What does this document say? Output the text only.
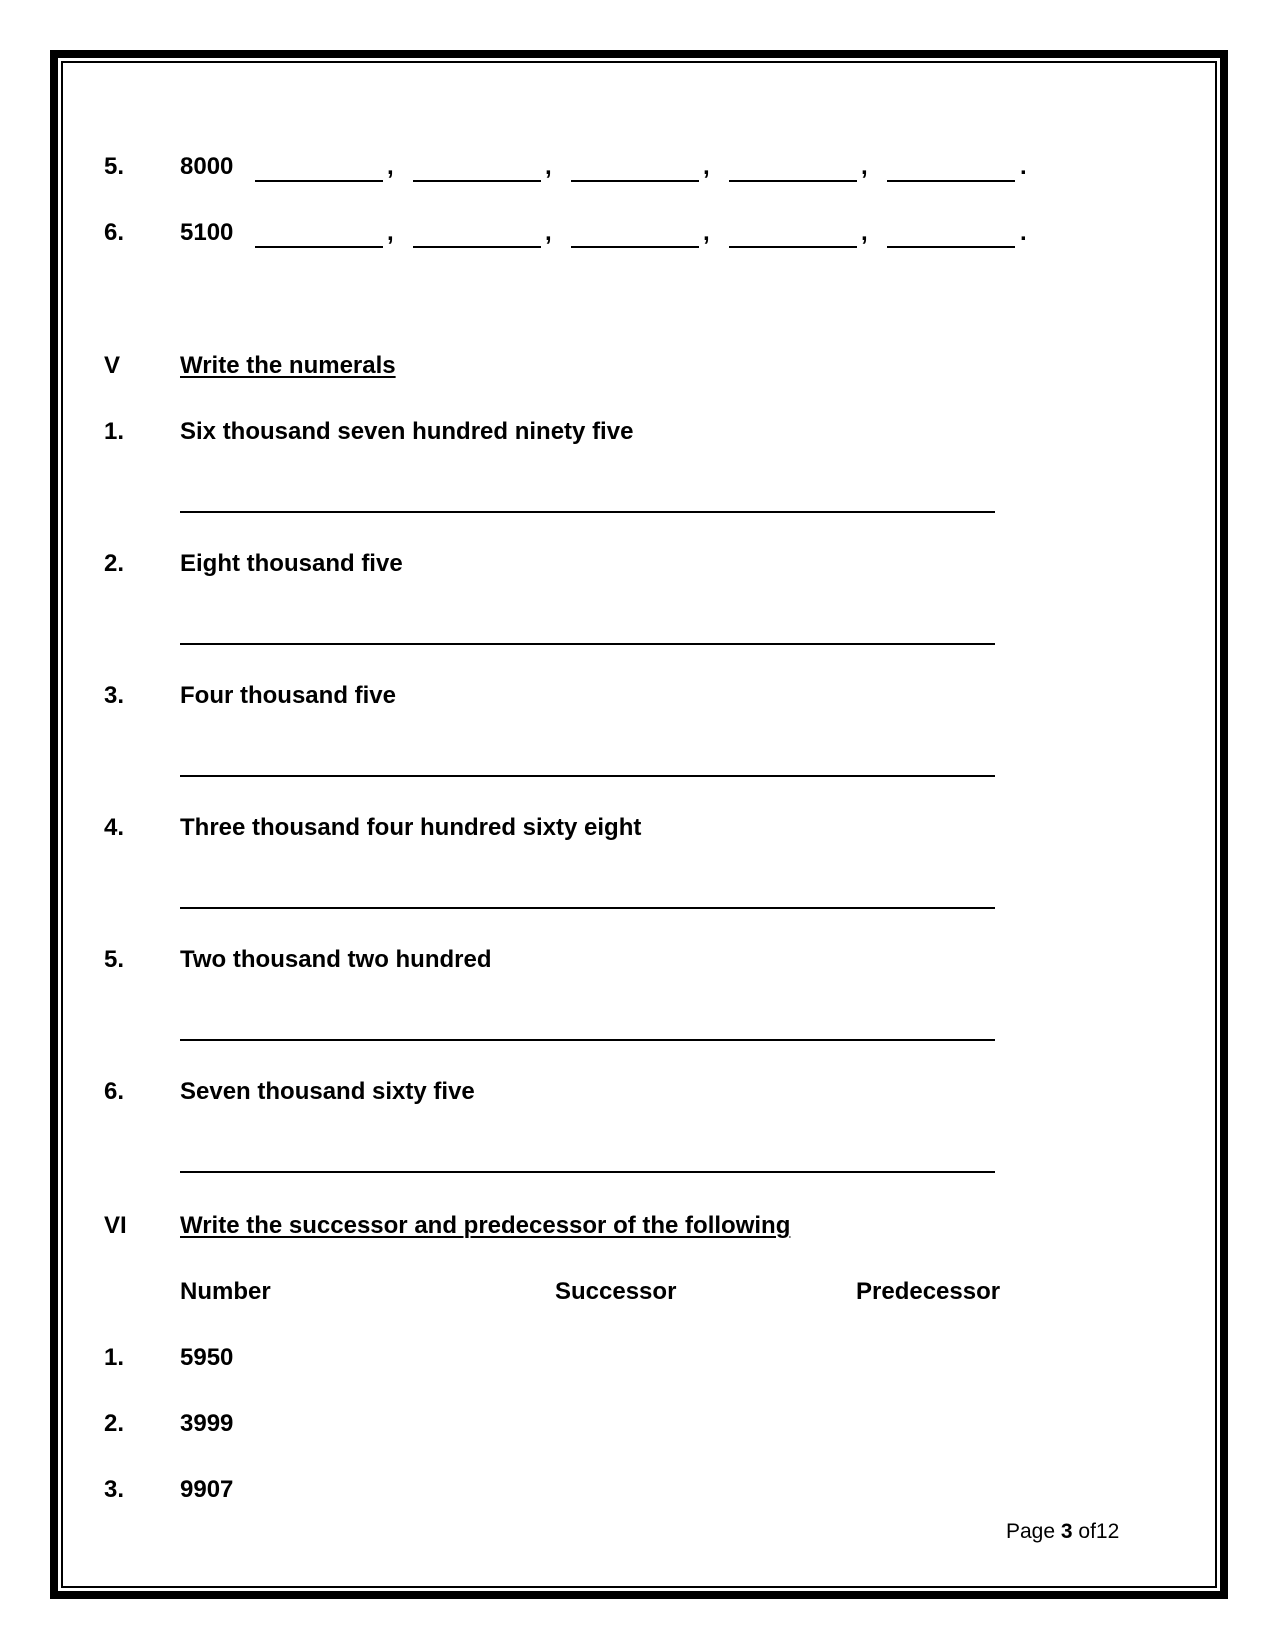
5. 8000	,	,	,	,	.
6. 5100	,	,	,	,	.
V Write the numerals
1. Six thousand seven hundred ninety five
2. Eight thousand five
3. Four thousand five
4. Three thousand four hundred sixty eight
5. Two thousand two hundred
6. Seven thousand sixty five
VI Write the successor and predecessor of the following
Number	Successor	Predecessor
1. 5950
2. 3999
3. 9907
Page 3 of12
